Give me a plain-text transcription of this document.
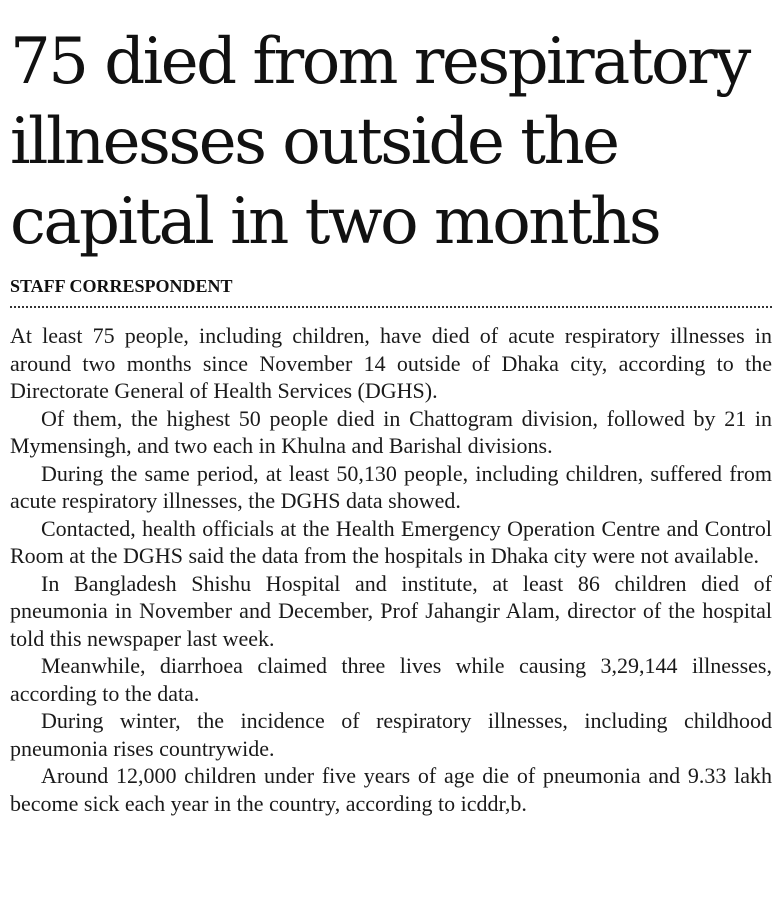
75 died from respiratory
illnesses outside the
capital in two months
STAFF CORRESPONDENT

At least 75 people, including children, have died of acute respiratory illnesses in around two months since November 14 outside of Dhaka city, according to the Directorate General of Health Services (DGHS).

Of them, the highest 50 people died in Chattogram division, followed by 21 in Mymensingh, and two each in Khulna and Barishal divisions.

During the same period, at least 50,130 people, including children, suffered from acute respiratory illnesses, the DGHS data showed.

Contacted, health officials at the Health Emergency Operation Centre and Control Room at the DGHS said the data from the hospitals in Dhaka city were not available.

In Bangladesh Shishu Hospital and institute, at least 86 children died of pneumonia in November and December, Prof Jahangir Alam, director of the hospital told this newspaper last week.

Meanwhile, diarrhoea claimed three lives while causing 3,29,144 illnesses, according to the data.

During winter, the incidence of respiratory illnesses, including childhood pneumonia rises countrywide.

Around 12,000 children under five years of age die of pneumonia and 9.33 lakh become sick each year in the country, according to icddr,b.
